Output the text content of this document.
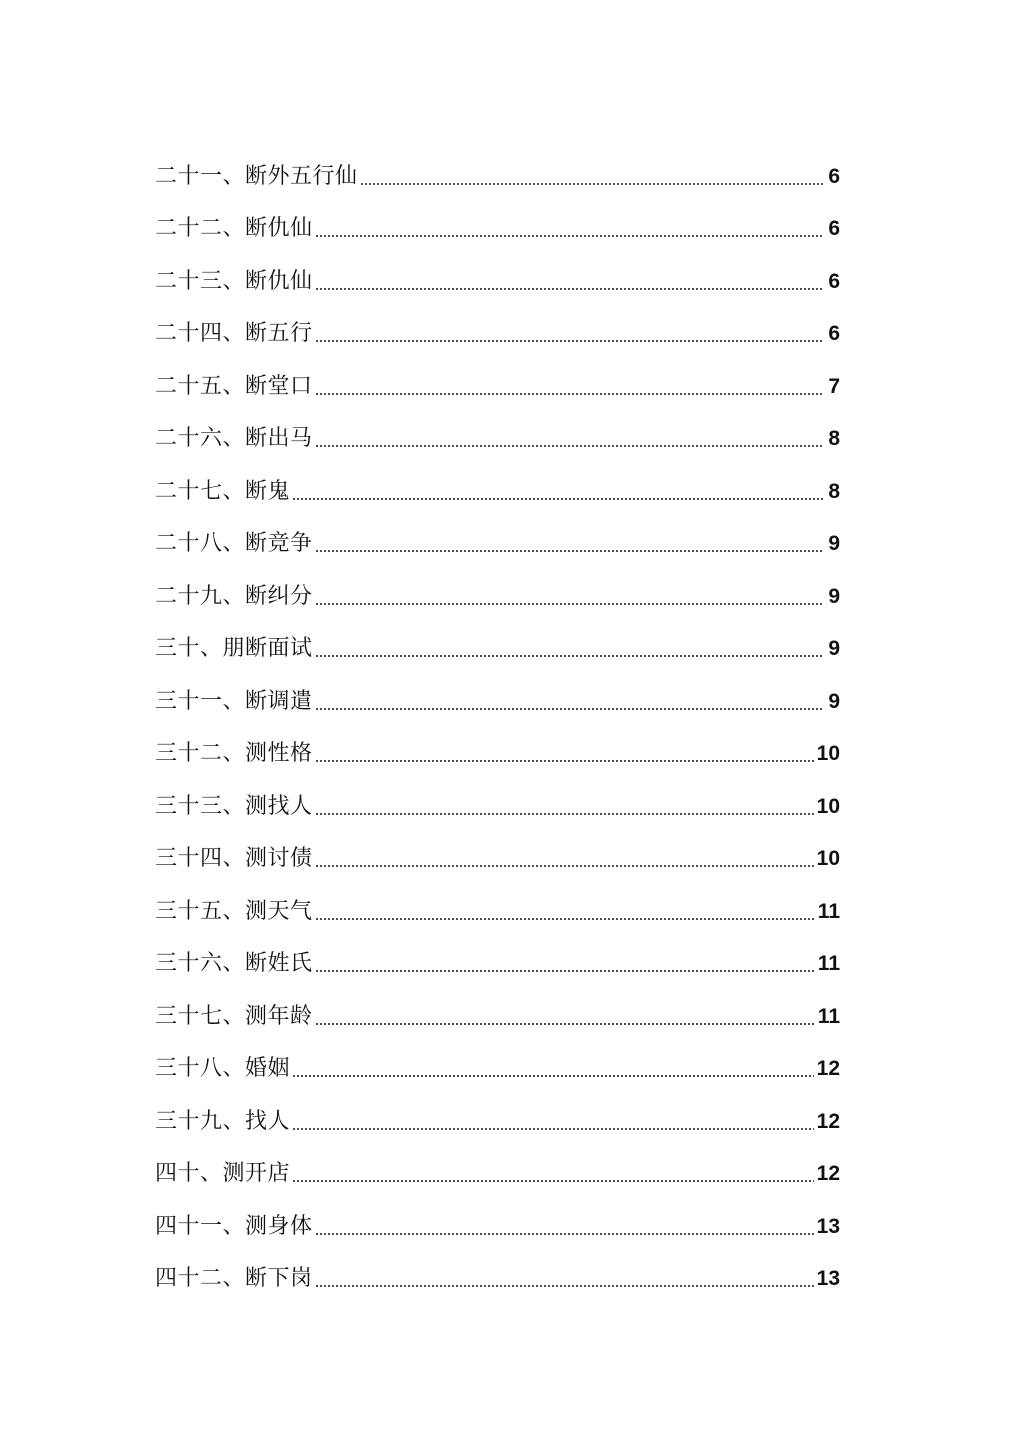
二十一、断外五行仙	6
二十二、断仇仙	6
二十三、断仇仙	6
二十四、断五行	6
二十五、断堂口	7
二十六、断出马	8
二十七、断鬼	8
二十八、断竞争	9
二十九、断纠分	9
三十、朋断面试	9
三十一、断调遣	9
三十二、测性格	10
三十三、测找人	10
三十四、测讨债	10
三十五、测天气	11
三十六、断姓氏	11
三十七、测年龄	11
三十八、婚姻	12
三十九、找人	12
四十、测开店	12
四十一、测身体	13
四十二、断下岗	13
